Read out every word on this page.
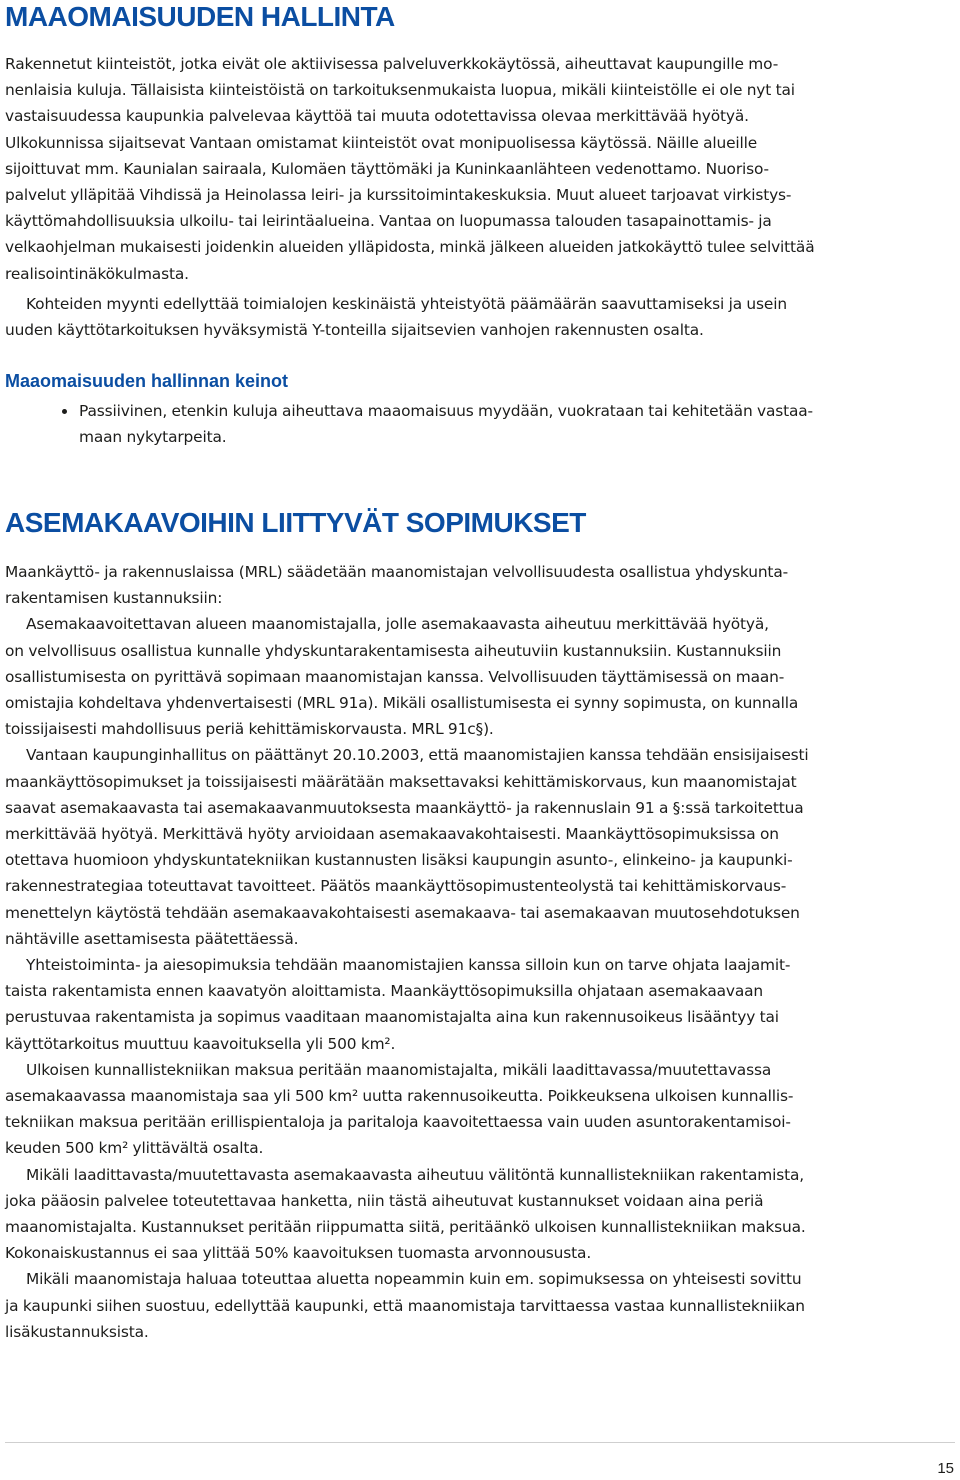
MAAOMAISUUDEN HALLINTA

Rakennetut kiinteistöt, jotka eivät ole aktiivisessa palveluverkkokäytössä, aiheuttavat kaupungille mo-
nenlaisia kuluja. Tällaisista kiinteistöistä on tarkoituksenmukaista luopua, mikäli kiinteistölle ei ole nyt tai
vastaisuudessa kaupunkia palvelevaa käyttöä tai muuta odotettavissa olevaa merkittävää hyötyä.
Ulkokunnissa sijaitsevat Vantaan omistamat kiinteistöt ovat monipuolisessa käytössä. Näille alueille
sijoittuvat mm. Kaunialan sairaala, Kulomäen täyttömäki ja Kuninkaanlähteen vedenottamo. Nuoriso-
palvelut ylläpitää Vihdissä ja Heinolassa leiri- ja kurssitoimintakeskuksia. Muut alueet tarjoavat virkistys-
käyttömahdollisuuksia ulkoilu- tai leirintäalueina. Vantaa on luopumassa talouden tasapainottamis- ja
velkaohjelman mukaisesti joidenkin alueiden ylläpidosta, minkä jälkeen alueiden jatkokäyttö tulee selvittää
realisointinäkökulmasta.

Kohteiden myynti edellyttää toimialojen keskinäistä yhteistyötä päämäärän saavuttamiseksi ja usein
uuden käyttötarkoituksen hyväksymistä Y-tonteilla sijaitsevien vanhojen rakennusten osalta.

Maaomaisuuden hallinnan keinot
Passiivinen, etenkin kuluja aiheuttava maaomaisuus myydään, vuokrataan tai kehitetään vastaa-
maan nykytarpeita.
ASEMAKAAVOIHIN LIITTYVÄT SOPIMUKSET

Maankäyttö- ja rakennuslaissa (MRL) säädetään maanomistajan velvollisuudesta osallistua yhdyskunta-
rakentamisen kustannuksiin:

Asemakaavoitettavan alueen maanomistajalla, jolle asemakaavasta aiheutuu merkittävää hyötyä,
on velvollisuus osallistua kunnalle yhdyskuntarakentamisesta aiheutuviin kustannuksiin. Kustannuksiin
osallistumisesta on pyrittävä sopimaan maanomistajan kanssa. Velvollisuuden täyttämisessä on maan-
omistajia kohdeltava yhdenvertaisesti (MRL 91a). Mikäli osallistumisesta ei synny sopimusta, on kunnalla
toissijaisesti mahdollisuus periä kehittämiskorvausta. MRL 91c§).

Vantaan kaupunginhallitus on päättänyt 20.10.2003, että maanomistajien kanssa tehdään ensisijaisesti
maankäyttösopimukset ja toissijaisesti määrätään maksettavaksi kehittämiskorvaus, kun maanomistajat
saavat asemakaavasta tai asemakaavanmuutoksesta maankäyttö- ja rakennuslain 91 a §:ssä tarkoitettua
merkittävää hyötyä. Merkittävä hyöty arvioidaan asemakaavakohtaisesti. Maankäyttösopimuksissa on
otettava huomioon yhdyskuntatekniikan kustannusten lisäksi kaupungin asunto-, elinkeino- ja kaupunki-
rakennestrategiaa toteuttavat tavoitteet. Päätös maankäyttösopimustenteolystä tai kehittämiskorvaus-
menettelyn käytöstä tehdään asemakaavakohtaisesti asemakaava- tai asemakaavan muutosehdotuksen
nähtäville asettamisesta päätettäessä.

Yhteistoiminta- ja aiesopimuksia tehdään maanomistajien kanssa silloin kun on tarve ohjata laajamit-
taista rakentamista ennen kaavatyön aloittamista. Maankäyttösopimuksilla ohjataan asemakaavaan
perustuvaa rakentamista ja sopimus vaaditaan maanomistajalta aina kun rakennusoikeus lisääntyy tai
käyttötarkoitus muuttuu kaavoituksella yli 500 km².

Ulkoisen kunnallistekniikan maksua peritään maanomistajalta, mikäli laadittavassa/muutettavassa
asemakaavassa maanomistaja saa yli 500 km² uutta rakennusoikeutta. Poikkeuksena ulkoisen kunnallis-
tekniikan maksua peritään erillispientaloja ja paritaloja kaavoitettaessa vain uuden asuntorakentamisoi-
keuden 500 km² ylittävältä osalta.

Mikäli laadittavasta/muutettavasta asemakaavasta aiheutuu välitöntä kunnallistekniikan rakentamista,
joka pääosin palvelee toteutettavaa hanketta, niin tästä aiheutuvat kustannukset voidaan aina periä
maanomistajalta. Kustannukset peritään riippumatta siitä, peritäänkö ulkoisen kunnallistekniikan maksua.
Kokonaiskustannus ei saa ylittää 50% kaavoituksen tuomasta arvonnoususta.

Mikäli maanomistaja haluaa toteuttaa aluetta nopeammin kuin em. sopimuksessa on yhteisesti sovittu
ja kaupunki siihen suostuu, edellyttää kaupunki, että maanomistaja tarvittaessa vastaa kunnallistekniikan
lisäkustannuksista.

15
